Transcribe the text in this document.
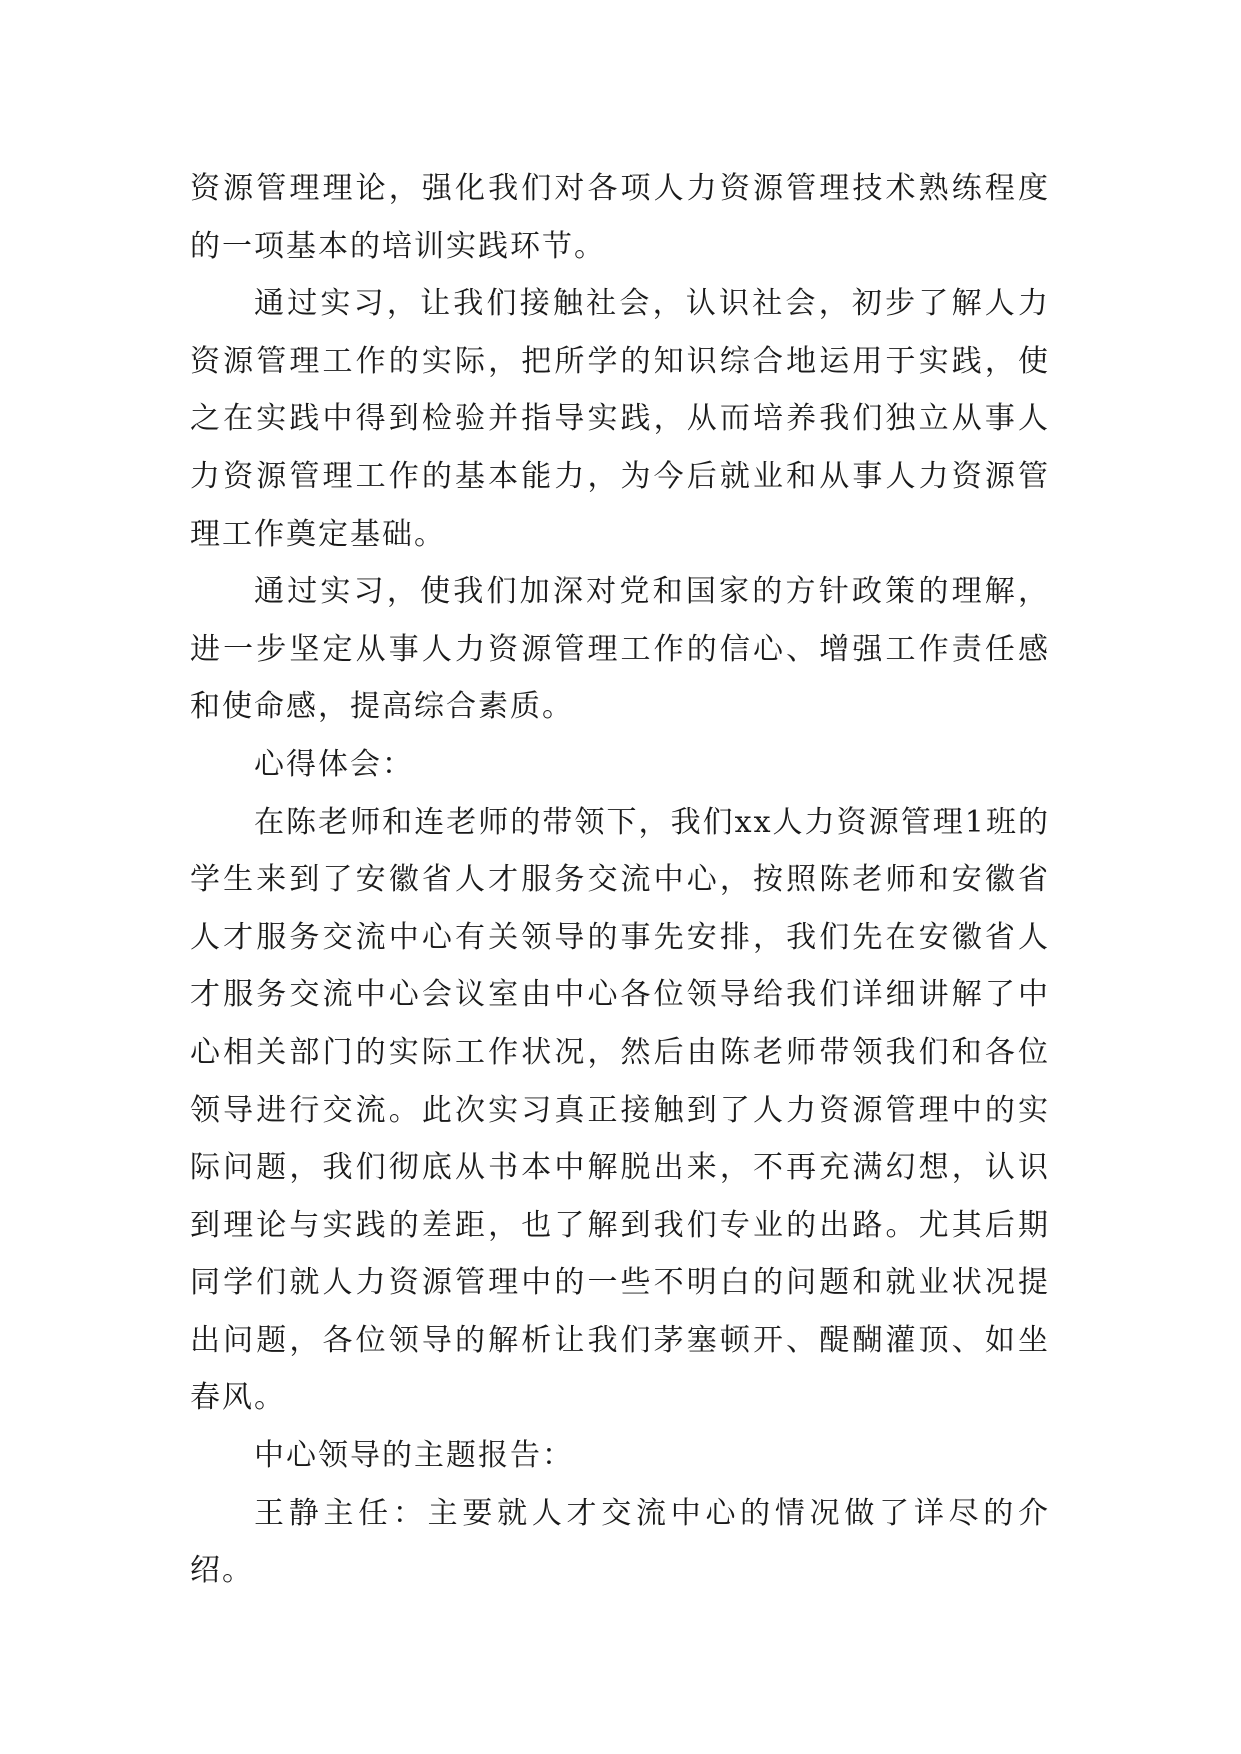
资源管理理论，强化我们对各项人力资源管理技术熟练程度的一项基本的培训实践环节。

通过实习，让我们接触社会，认识社会，初步了解人力资源管理工作的实际，把所学的知识综合地运用于实践，使之在实践中得到检验并指导实践，从而培养我们独立从事人力资源管理工作的基本能力，为今后就业和从事人力资源管理工作奠定基础。

通过实习，使我们加深对党和国家的方针政策的理解，进一步坚定从事人力资源管理工作的信心、增强工作责任感和使命感，提高综合素质。

心得体会：

在陈老师和连老师的带领下，我们xx人力资源管理1班的学生来到了安徽省人才服务交流中心，按照陈老师和安徽省人才服务交流中心有关领导的事先安排，我们先在安徽省人才服务交流中心会议室由中心各位领导给我们详细讲解了中心相关部门的实际工作状况，然后由陈老师带领我们和各位领导进行交流。此次实习真正接触到了人力资源管理中的实际问题，我们彻底从书本中解脱出来，不再充满幻想，认识到理论与实践的差距，也了解到我们专业的出路。尤其后期同学们就人力资源管理中的一些不明白的问题和就业状况提出问题，各位领导的解析让我们茅塞顿开、醍醐灌顶、如坐春风。

中心领导的主题报告：

王静主任：主要就人才交流中心的情况做了详尽的介绍。
